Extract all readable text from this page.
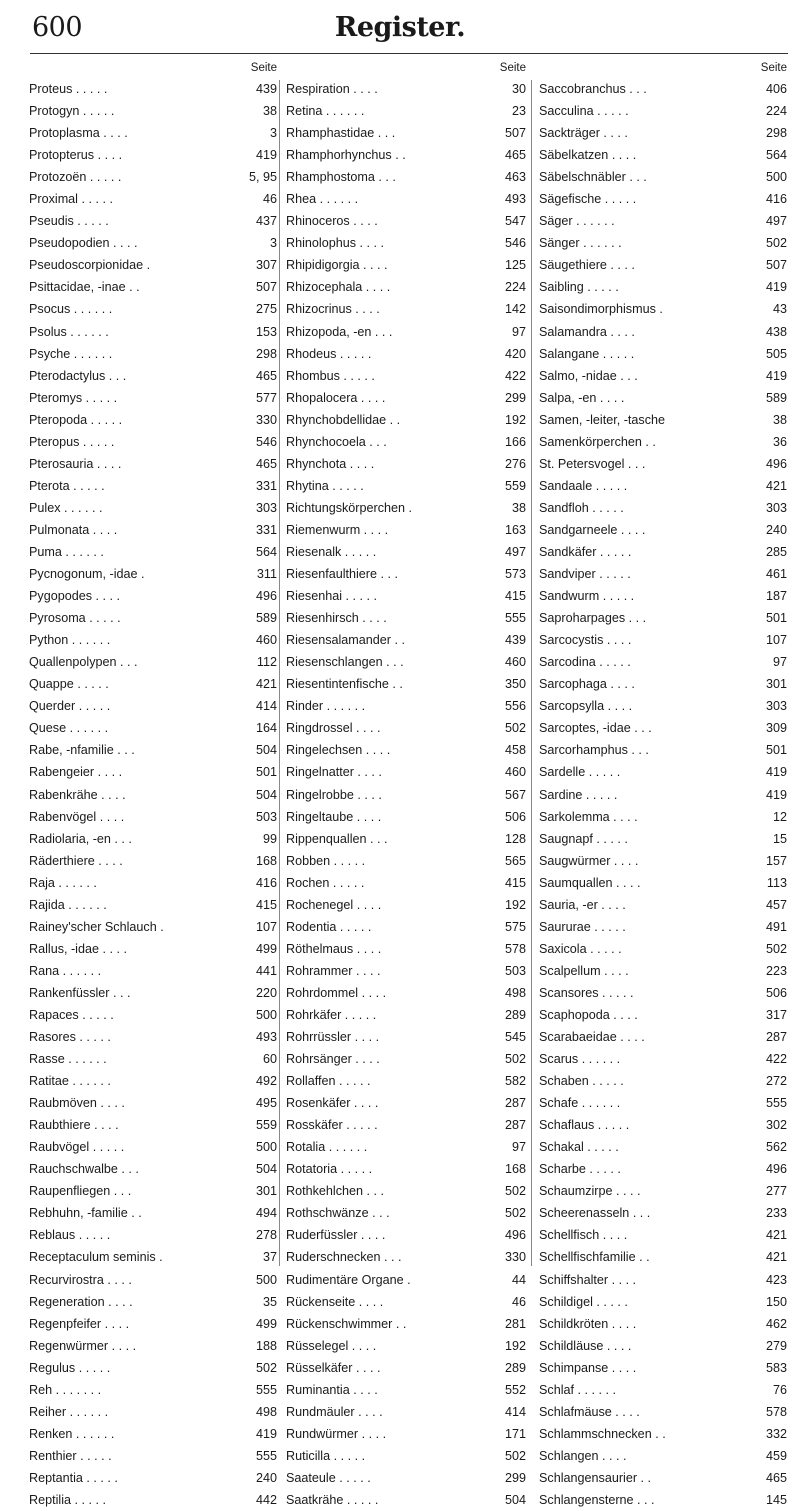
600	Register.
Seite
Proteus . . . . .	439
Protogyn . . . . .	38
Protoplasma . . . .	3
Protopterus . . . .	419
Protozoën . . . . .	5, 95
Proximal . . . . .	46
Pseudis . . . . .	437
Pseudopodien . . . .	3
Pseudoscorpionidae .	307
Psittacidae, -inae . .	507
Psocus . . . . . .	275
Psolus . . . . . .	153
Psyche . . . . . .	298
Pterodactylus . . .	465
Pteromys . . . . .	577
Pteropoda . . . . .	330
Pteropus . . . . .	546
Pterosauria . . . .	465
Pterota . . . . .	331
Pulex . . . . . .	303
Pulmonata . . . .	331
Puma . . . . . .	564
Pycnogonum, -idae .	311
Pygopodes . . . .	496
Pyrosoma . . . . .	589
Python . . . . . .	460
Quallenpolypen . . .	112
Quappe . . . . .	421
Querder . . . . .	414
Quese . . . . . .	164
Rabe, -nfamilie . . .	504
Rabengeier . . . .	501
Rabenkrähe . . . .	504
Rabenvögel . . . .	503
Radiolaria, -en . . .	99
Räderthiere . . . .	168
Raja . . . . . .	416
Rajida . . . . . .	415
Rainey'scher Schlauch .	107
Rallus, -idae . . . .	499
Rana . . . . . .	441
Rankenfüssler . . .	220
Rapaces . . . . .	500
Rasores . . . . .	493
Rasse . . . . . .	60
Ratitae . . . . . .	492
Raubmöven . . . .	495
Raubthiere . . . .	559
Raubvögel . . . . .	500
Rauchschwalbe . . .	504
Raupenfliegen . . .	301
Rebhuhn, -familie . .	494
Reblaus . . . . .	278
Receptaculum seminis .	37
Recurvirostra . . . .	500
Regeneration . . . .	35
Regenpfeifer . . . .	499
Regenwürmer . . . .	188
Regulus . . . . .	502
Reh . . . . . . .	555
Reiher . . . . . .	498
Renken . . . . . .	419
Renthier . . . . .	555
Reptantia . . . . .	240
Reptilia . . . . .	442
Seite
Respiration . . . .	30
Retina . . . . . .	23
Rhamphastidae . . .	507
Rhamphorhynchus . .	465
Rhamphostoma . . .	463
Rhea . . . . . .	493
Rhinoceros . . . .	547
Rhinolophus . . . .	546
Rhipidigorgia . . . .	125
Rhizocephala . . . .	224
Rhizocrinus . . . .	142
Rhizopoda, -en . . .	97
Rhodeus . . . . .	420
Rhombus . . . . .	422
Rhopalocera . . . .	299
Rhynchobdellidae . .	192
Rhynchocoela . . .	166
Rhynchota . . . .	276
Rhytina . . . . .	559
Richtungskörperchen .	38
Riemenwurm . . . .	163
Riesenalk . . . . .	497
Riesenfaulthiere . . .	573
Riesenhai . . . . .	415
Riesenhirsch . . . .	555
Riesensalamander . .	439
Riesenschlangen . . .	460
Riesentintenfische . .	350
Rinder . . . . . .	556
Ringdrossel . . . .	502
Ringelechsen . . . .	458
Ringelnatter . . . .	460
Ringelrobbe . . . .	567
Ringeltaube . . . .	506
Rippenquallen . . .	128
Robben . . . . .	565
Rochen . . . . .	415
Rochenegel . . . .	192
Rodentia . . . . .	575
Röthelmaus . . . .	578
Rohrammer . . . .	503
Rohrdommel . . . .	498
Rohrkäfer . . . . .	289
Rohrrüssler . . . .	545
Rohrsänger . . . .	502
Rollaffen . . . . .	582
Rosenkäfer . . . .	287
Rosskäfer . . . . .	287
Rotalia . . . . . .	97
Rotatoria . . . . .	168
Rothkehlchen . . .	502
Rothschwänze . . .	502
Ruderfüssler . . . .	496
Ruderschnecken . . .	330
Rudimentäre Organe .	44
Rückenseite . . . .	46
Rückenschwimmer . .	281
Rüsselegel . . . .	192
Rüsselkäfer . . . .	289
Ruminantia . . . .	552
Rundmäuler . . . .	414
Rundwürmer . . . .	171
Ruticilla . . . . .	502
Saateule . . . . .	299
Saatkrähe . . . . .	504
Seite
Saccobranchus . . .	406
Sacculina . . . . .	224
Sackträger . . . .	298
Säbelkatzen . . . .	564
Säbelschnäbler . . .	500
Sägefische . . . . .	416
Säger . . . . . .	497
Sänger . . . . . .	502
Säugethiere . . . .	507
Saibling . . . . .	419
Saisondimorphismus .	43
Salamandra . . . .	438
Salangane . . . . .	505
Salmo, -nidae . . .	419
Salpa, -en . . . .	589
Samen, -leiter, -tasche	38
Samenkörperchen . .	36
St. Petersvogel . . .	496
Sandaale . . . . .	421
Sandfloh . . . . .	303
Sandgarneele . . . .	240
Sandkäfer . . . . .	285
Sandviper . . . . .	461
Sandwurm . . . . .	187
Saproharpages . . .	501
Sarcocystis . . . .	107
Sarcodina . . . . .	97
Sarcophaga . . . .	301
Sarcopsylla . . . .	303
Sarcoptes, -idae . . .	309
Sarcorhamphus . . .	501
Sardelle . . . . .	419
Sardine . . . . .	419
Sarkolemma . . . .	12
Saugnapf . . . . .	15
Saugwürmer . . . .	157
Saumquallen . . . .	113
Sauria, -er . . . .	457
Saururae . . . . .	491
Saxicola . . . . .	502
Scalpellum . . . .	223
Scansores . . . . .	506
Scaphopoda . . . .	317
Scarabaeidae . . . .	287
Scarus . . . . . .	422
Schaben . . . . .	272
Schafe . . . . . .	555
Schaflaus . . . . .	302
Schakal . . . . .	562
Scharbe . . . . .	496
Schaumzirpe . . . .	277
Scheerenasseln . . .	233
Schellfisch . . . .	421
Schellfischfamilie . .	421
Schiffshalter . . . .	423
Schildigel . . . . .	150
Schildkröten . . . .	462
Schildläuse . . . .	279
Schimpanse . . . .	583
Schlaf . . . . . .	76
Schlafmäuse . . . .	578
Schlammschnecken . .	332
Schlangen . . . .	459
Schlangensaurier . .	465
Schlangensterne . . .	145
